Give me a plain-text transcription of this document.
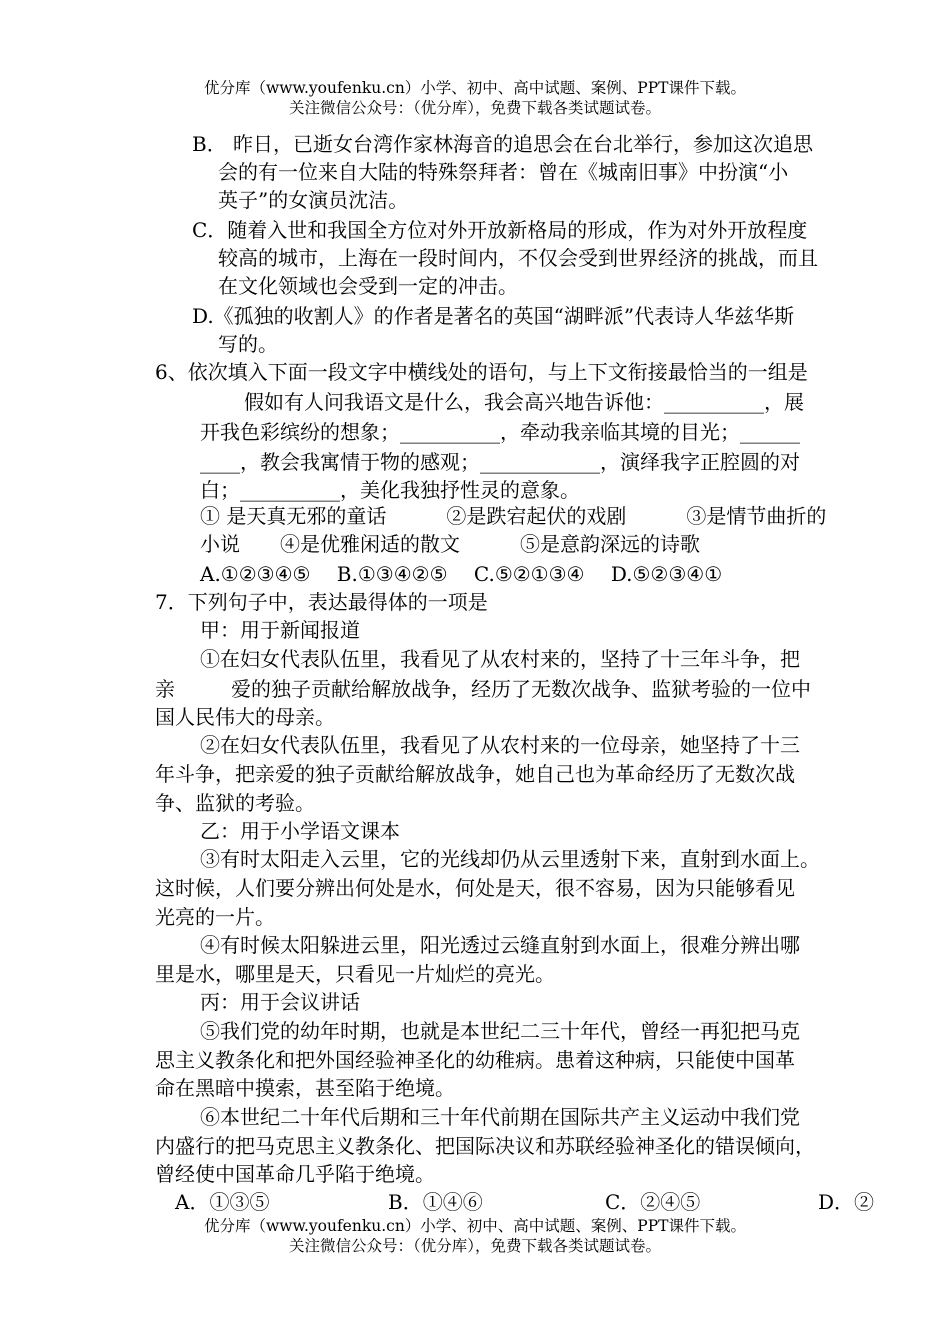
优分库（www.youfenku.cn）小学、初中、高中试题、案例、PPT课件下载。
关注微信公众号：（优分库），免费下载各类试题试卷。
B． 昨日，已逝女台湾作家林海音的追思会在台北举行，参加这次追思
会的有一位来自大陆的特殊祭拜者：曾在《城南旧事》中扮演“小
英子”的女演员沈洁。
C．随着入世和我国全方位对外开放新格局的形成，作为对外开放程度
较高的城市，上海在一段时间内，不仅会受到世界经济的挑战，而且
在文化领域也会受到一定的冲击。
D.《孤独的收割人》的作者是著名的英国“湖畔派”代表诗人华兹华斯
写的。
6、依次填入下面一段文字中横线处的语句，与上下文衔接最恰当的一组是
假如有人问我语文是什么，我会高兴地告诉他：__________，展
开我色彩缤纷的想象；__________，牵动我亲临其境的目光；______
____，教会我寓情于物的感观；____________，演绎我字正腔圆的对
白；__________，美化我独抒性灵的意象。
① 是天真无邪的童话　　　②是跌宕起伏的戏剧　　　③是情节曲折的
小说　　④是优雅闲适的散文　　　⑤是意韵深远的诗歌
A.①②③④⑤　 B.①③④②⑤　 C.⑤②①③④　 D.⑤②③④①
7．下列句子中，表达最得体的一项是
甲：用于新闻报道
①在妇女代表队伍里，我看见了从农村来的，坚持了十三年斗争，把
亲	爱的独子贡献给解放战争，经历了无数次战争、监狱考验的一位中
国人民伟大的母亲。
②在妇女代表队伍里，我看见了从农村来的一位母亲，她坚持了十三
年斗争，把亲爱的独子贡献给解放战争，她自己也为革命经历了无数次战
争、监狱的考验。
乙：用于小学语文课本
③有时太阳走入云里，它的光线却仍从云里透射下来，直射到水面上。
这时候，人们要分辨出何处是水，何处是天，很不容易，因为只能够看见
光亮的一片。
④有时候太阳躲进云里，阳光透过云缝直射到水面上，很难分辨出哪
里是水，哪里是天，只看见一片灿烂的亮光。
丙：用于会议讲话
⑤我们党的幼年时期，也就是本世纪二三十年代，曾经一再犯把马克
思主义教条化和把外国经验神圣化的幼稚病。患着这种病，只能使中国革
命在黑暗中摸索，甚至陷于绝境。
⑥本世纪二十年代后期和三十年代前期在国际共产主义运动中我们党
内盛行的把马克思主义教条化、把国际决议和苏联经验神圣化的错误倾向，
曾经使中国革命几乎陷于绝境。
A．①③⑤	B．①④⑥	C．②④⑤	D．②
优分库（www.youfenku.cn）小学、初中、高中试题、案例、PPT课件下载。
关注微信公众号：（优分库），免费下载各类试题试卷。
